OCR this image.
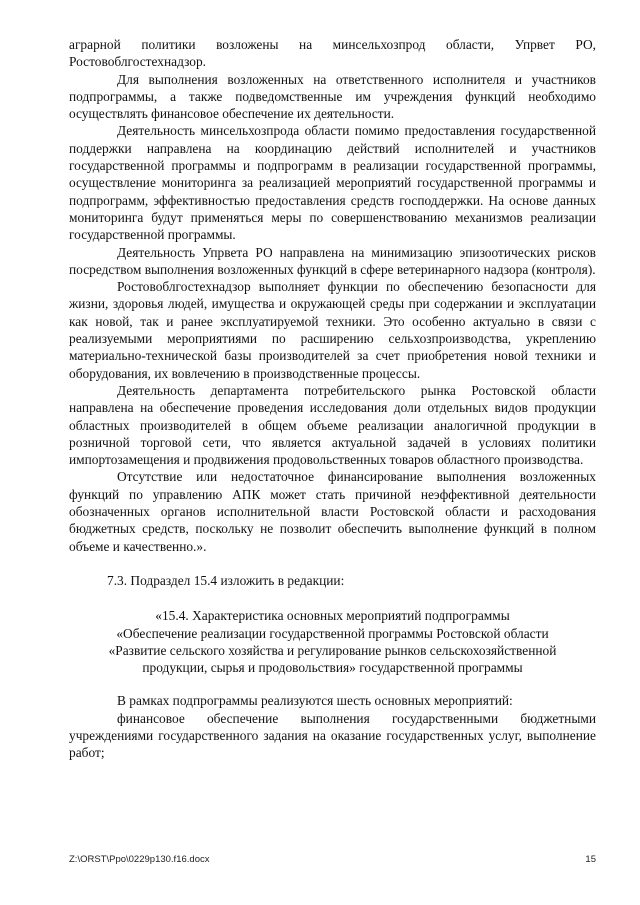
аграрной политики возложены на минсельхозпрод области, Упрвет РО, Ростовоблгостехнадзор.

Для выполнения возложенных на ответственного исполнителя и участников подпрограммы, а также подведомственные им учреждения функций необходимо осуществлять финансовое обеспечение их деятельности.

Деятельность минсельхозпрода области помимо предоставления государственной поддержки направлена на координацию действий исполнителей и участников государственной программы и подпрограмм в реализации государственной программы, осуществление мониторинга за реализацией мероприятий государственной программы и подпрограмм, эффективностью предоставления средств господдержки. На основе данных мониторинга будут применяться меры по совершенствованию механизмов реализации государственной программы.

Деятельность Упрвета РО направлена на минимизацию эпизоотических рисков посредством выполнения возложенных функций в сфере ветеринарного надзора (контроля).

Ростовоблгостехнадзор выполняет функции по обеспечению безопасности для жизни, здоровья людей, имущества и окружающей среды при содержании и эксплуатации как новой, так и ранее эксплуатируемой техники. Это особенно актуально в связи с реализуемыми мероприятиями по расширению сельхозпроизводства, укреплению материально-технической базы производителей за счет приобретения новой техники и оборудования, их вовлечению в производственные процессы.

Деятельность департамента потребительского рынка Ростовской области направлена на обеспечение проведения исследования доли отдельных видов продукции областных производителей в общем объеме реализации аналогичной продукции в розничной торговой сети, что является актуальной задачей в условиях политики импортозамещения и продвижения продовольственных товаров областного производства.

Отсутствие или недостаточное финансирование выполнения возложенных функций по управлению АПК может стать причиной неэффективной деятельности обозначенных органов исполнительной власти Ростовской области и расходования бюджетных средств, поскольку не позволит обеспечить выполнение функций в полном объеме и качественно.».

7.3. Подраздел 15.4 изложить в редакции:

«15.4. Характеристика основных мероприятий подпрограммы
«Обеспечение реализации государственной программы Ростовской области
«Развитие сельского хозяйства и регулирование рынков сельскохозяйственной
продукции, сырья и продовольствия» государственной программы

В рамках подпрограммы реализуются шесть основных мероприятий:

финансовое обеспечение выполнения государственными бюджетными учреждениями государственного задания на оказание государственных услуг, выполнение работ;

Z:\ORST\Ppo\0229p130.f16.docx	15
